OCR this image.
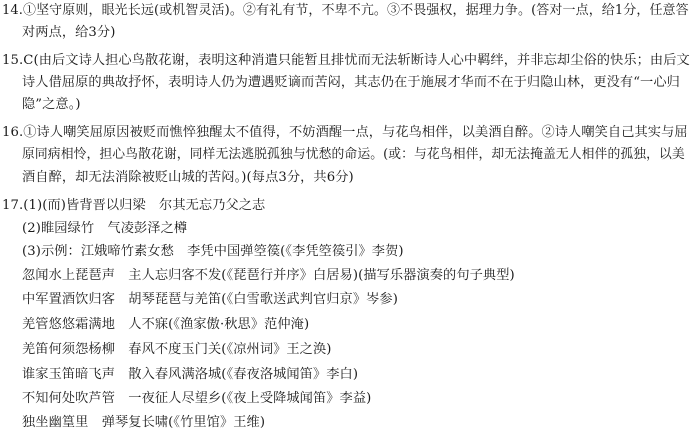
14.①坚守原则，眼光长远(或机智灵活)。②有礼有节，不卑不亢。③不畏强权，据理力争。(答对一点，给1分，任意答
对两点，给3分)
15.C(由后文诗人担心鸟散花谢，表明这种消遣只能暂且排忧而无法斩断诗人心中羁绊，并非忘却尘俗的快乐；由后文
诗人借屈原的典故抒怀，表明诗人仍为遭遇贬谪而苦闷，其志仍在于施展才华而不在于归隐山林，更没有“一心归
隐”之意。)
16.①诗人嘲笑屈原因被贬而憔悴独醒太不值得，不妨酒醒一点，与花鸟相伴，以美酒自醉。②诗人嘲笑自己其实与屈
原同病相怜，担心鸟散花谢，同样无法逃脱孤独与忧愁的命运。(或：与花鸟相伴，却无法掩盖无人相伴的孤独，以美
酒自醉，却无法消除被贬山城的苦闷。)(每点3分，共6分)
17.(1)(而)皆背晋以归梁　尔其无忘乃父之志
(2)睢园绿竹　气凌彭泽之樽
(3)示例：江娥啼竹素女愁　李凭中国弹箜篌(《李凭箜篌引》李贺)
忽闻水上琵琶声　主人忘归客不发(《琵琶行并序》白居易)(描写乐器演奏的句子典型)
中军置酒饮归客　胡琴琵琶与羌笛(《白雪歌送武判官归京》岑参)
羌管悠悠霜满地　人不寐(《渔家傲·秋思》范仲淹)
羌笛何须怨杨柳　春风不度玉门关(《凉州词》王之涣)
谁家玉笛暗飞声　散入春风满洛城(《春夜洛城闻笛》李白)
不知何处吹芦管　一夜征人尽望乡(《夜上受降城闻笛》李益)
独坐幽篁里　弹琴复长啸(《竹里馆》王维)
